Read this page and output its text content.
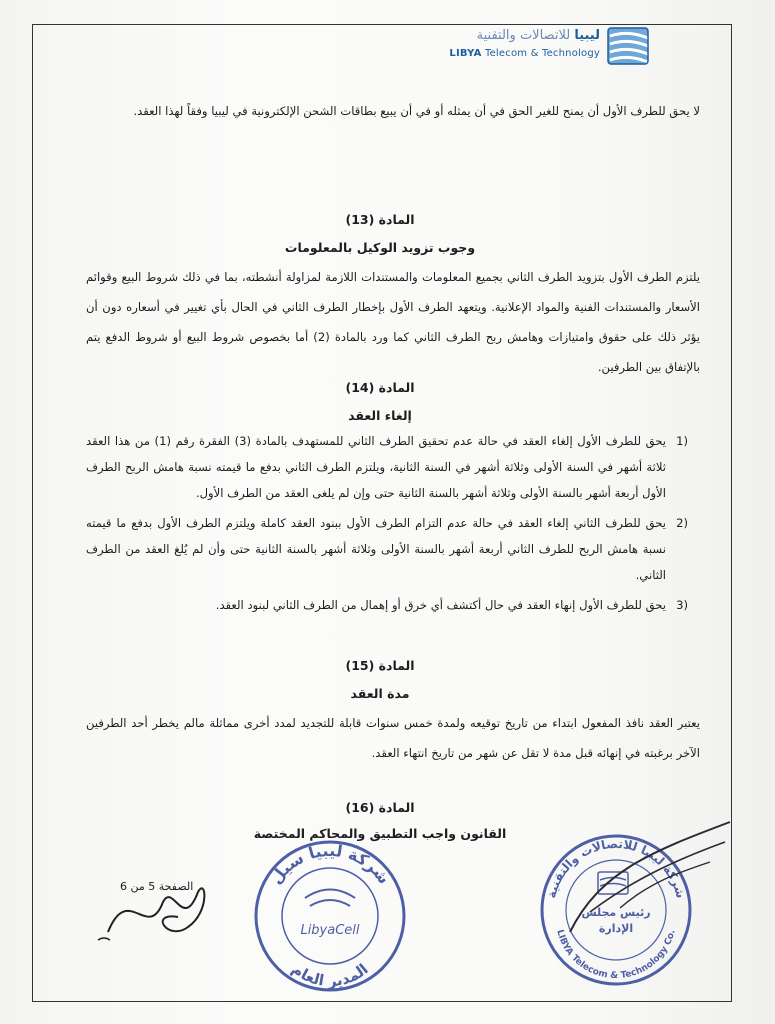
ليبيا للاتصالات والتقنية
LIBYA Telecom & Technology
لا يحق للطرف الأول أن يمنح للغير الحق في أن يمثله أو في أن يبيع بطاقات الشحن الإلكترونية في ليبيا وفقاً لهذا العقد.
المادة (13)
وجوب تزويد الوكيل بالمعلومات
يلتزم الطرف الأول بتزويد الطرف الثاني بجميع المعلومات والمستندات اللازمة لمزاولة أنشطته، بما في ذلك شروط البيع وقوائم الأسعار والمستندات الفنية والمواد الإعلانية. ويتعهد الطرف الأول بإخطار الطرف الثاني في الحال بأي تغيير في أسعاره دون أن يؤثر ذلك على حقوق وامتيازات وهامش ربح الطرف الثاني كما ورد بالمادة (2) أما بخصوص شروط البيع أو شروط الدفع يتم بالإتفاق بين الطرفين.
المادة (14)
إلغاء العقد
(1
يحق للطرف الأول إلغاء العقد في حالة عدم تحقيق الطرف الثاني للمستهدف بالمادة (3) الفقرة رقم (1) من هذا العقد ثلاثة أشهر في السنة الأولى وثلاثة أشهر في السنة الثانية، ويلتزم الطرف الثاني بدفع ما قيمته نسبة هامش الربح الطرف الأول أربعة أشهر بالسنة الأولى وثلاثة أشهر بالسنة الثانية حتى وإن لم يلغى العقد من الطرف الأول.
(2
يحق للطرف الثاني إلغاء العقد في حالة عدم التزام الطرف الأول ببنود العقد كاملة ويلتزم الطرف الأول بدفع ما قيمته نسبة هامش الربح للطرف الثاني أربعة أشهر بالسنة الأولى وثلاثة أشهر بالسنة الثانية حتى وأن لم يُلغ العقد من الطرف الثاني.
(3
يحق للطرف الأول إنهاء العقد في حال أكتشف أي خرق أو إهمال من الطرف الثاني لبنود العقد.
المادة (15)
مدة العقد
يعتبر العقد نافذ المفعول ابتداء من تاريخ توقيعه ولمدة خمس سنوات قابلة للتجديد لمدد أخرى مماثلة مالم يخطر أحد الطرفين الآخر برغبته في إنهائه قبل مدة لا تقل عن شهر من تاريخ انتهاء العقد.
المادة (16)
القانون واجب التطبيق والمحاكم المختصة
الصفحة 5 من 6	شركة ليبيا سيل
المدير العام
LibyaCell
شركة ليبيا للاتصالات والتقنية
LIBYA Telecom & Technology Co.
رئيس مجلس
الإدارة
